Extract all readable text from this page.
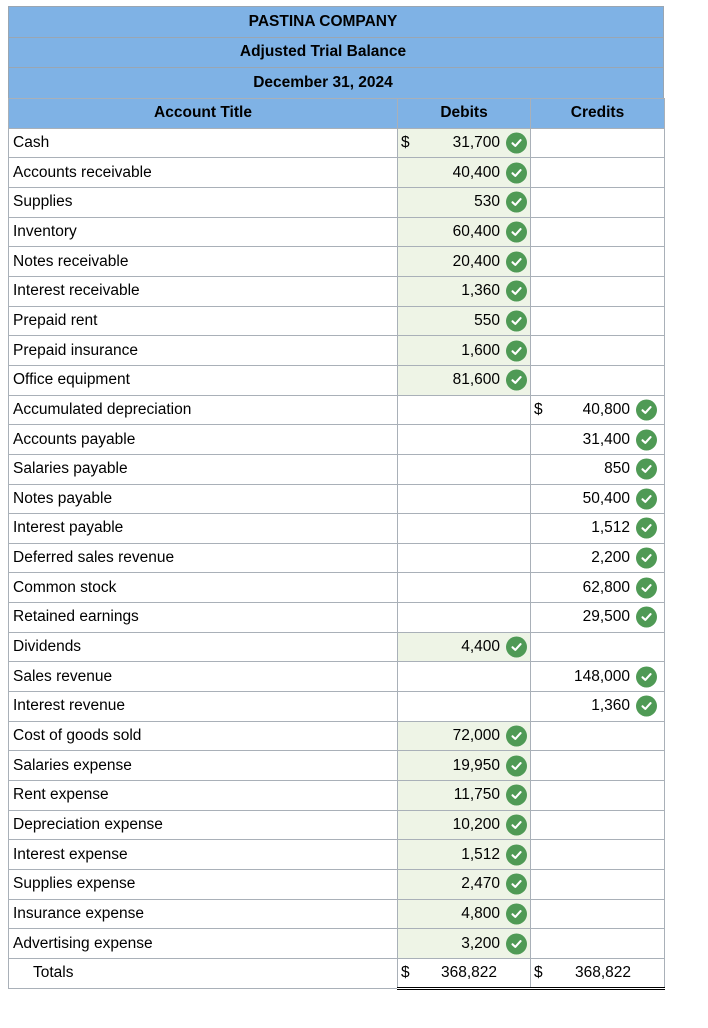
PASTINA COMPANY
Adjusted Trial Balance
December 31, 2024
Account Title	Debits	Credits
Cash	$ 31,700	

Accounts receivable	40,400	

Supplies	530	

Inventory	60,400	

Notes receivable	20,400	

Interest receivable	1,360	

Prepaid rent	550	

Prepaid insurance	1,600	

Office equipment	81,600	

Accumulated depreciation		$ 40,800

Accounts payable		31,400

Salaries payable		850

Notes payable		50,400

Interest payable		1,512

Deferred sales revenue		2,200

Common stock		62,800

Retained earnings		29,500

Dividends	4,400	

Sales revenue		148,000

Interest revenue		1,360

Cost of goods sold	72,000	

Salaries expense	19,950	

Rent expense	11,750	

Depreciation expense	10,200	

Interest expense	1,512	

Supplies expense	2,470	

Insurance expense	4,800	

Advertising expense	3,200	

Totals	$ 368,822	$ 368,822
